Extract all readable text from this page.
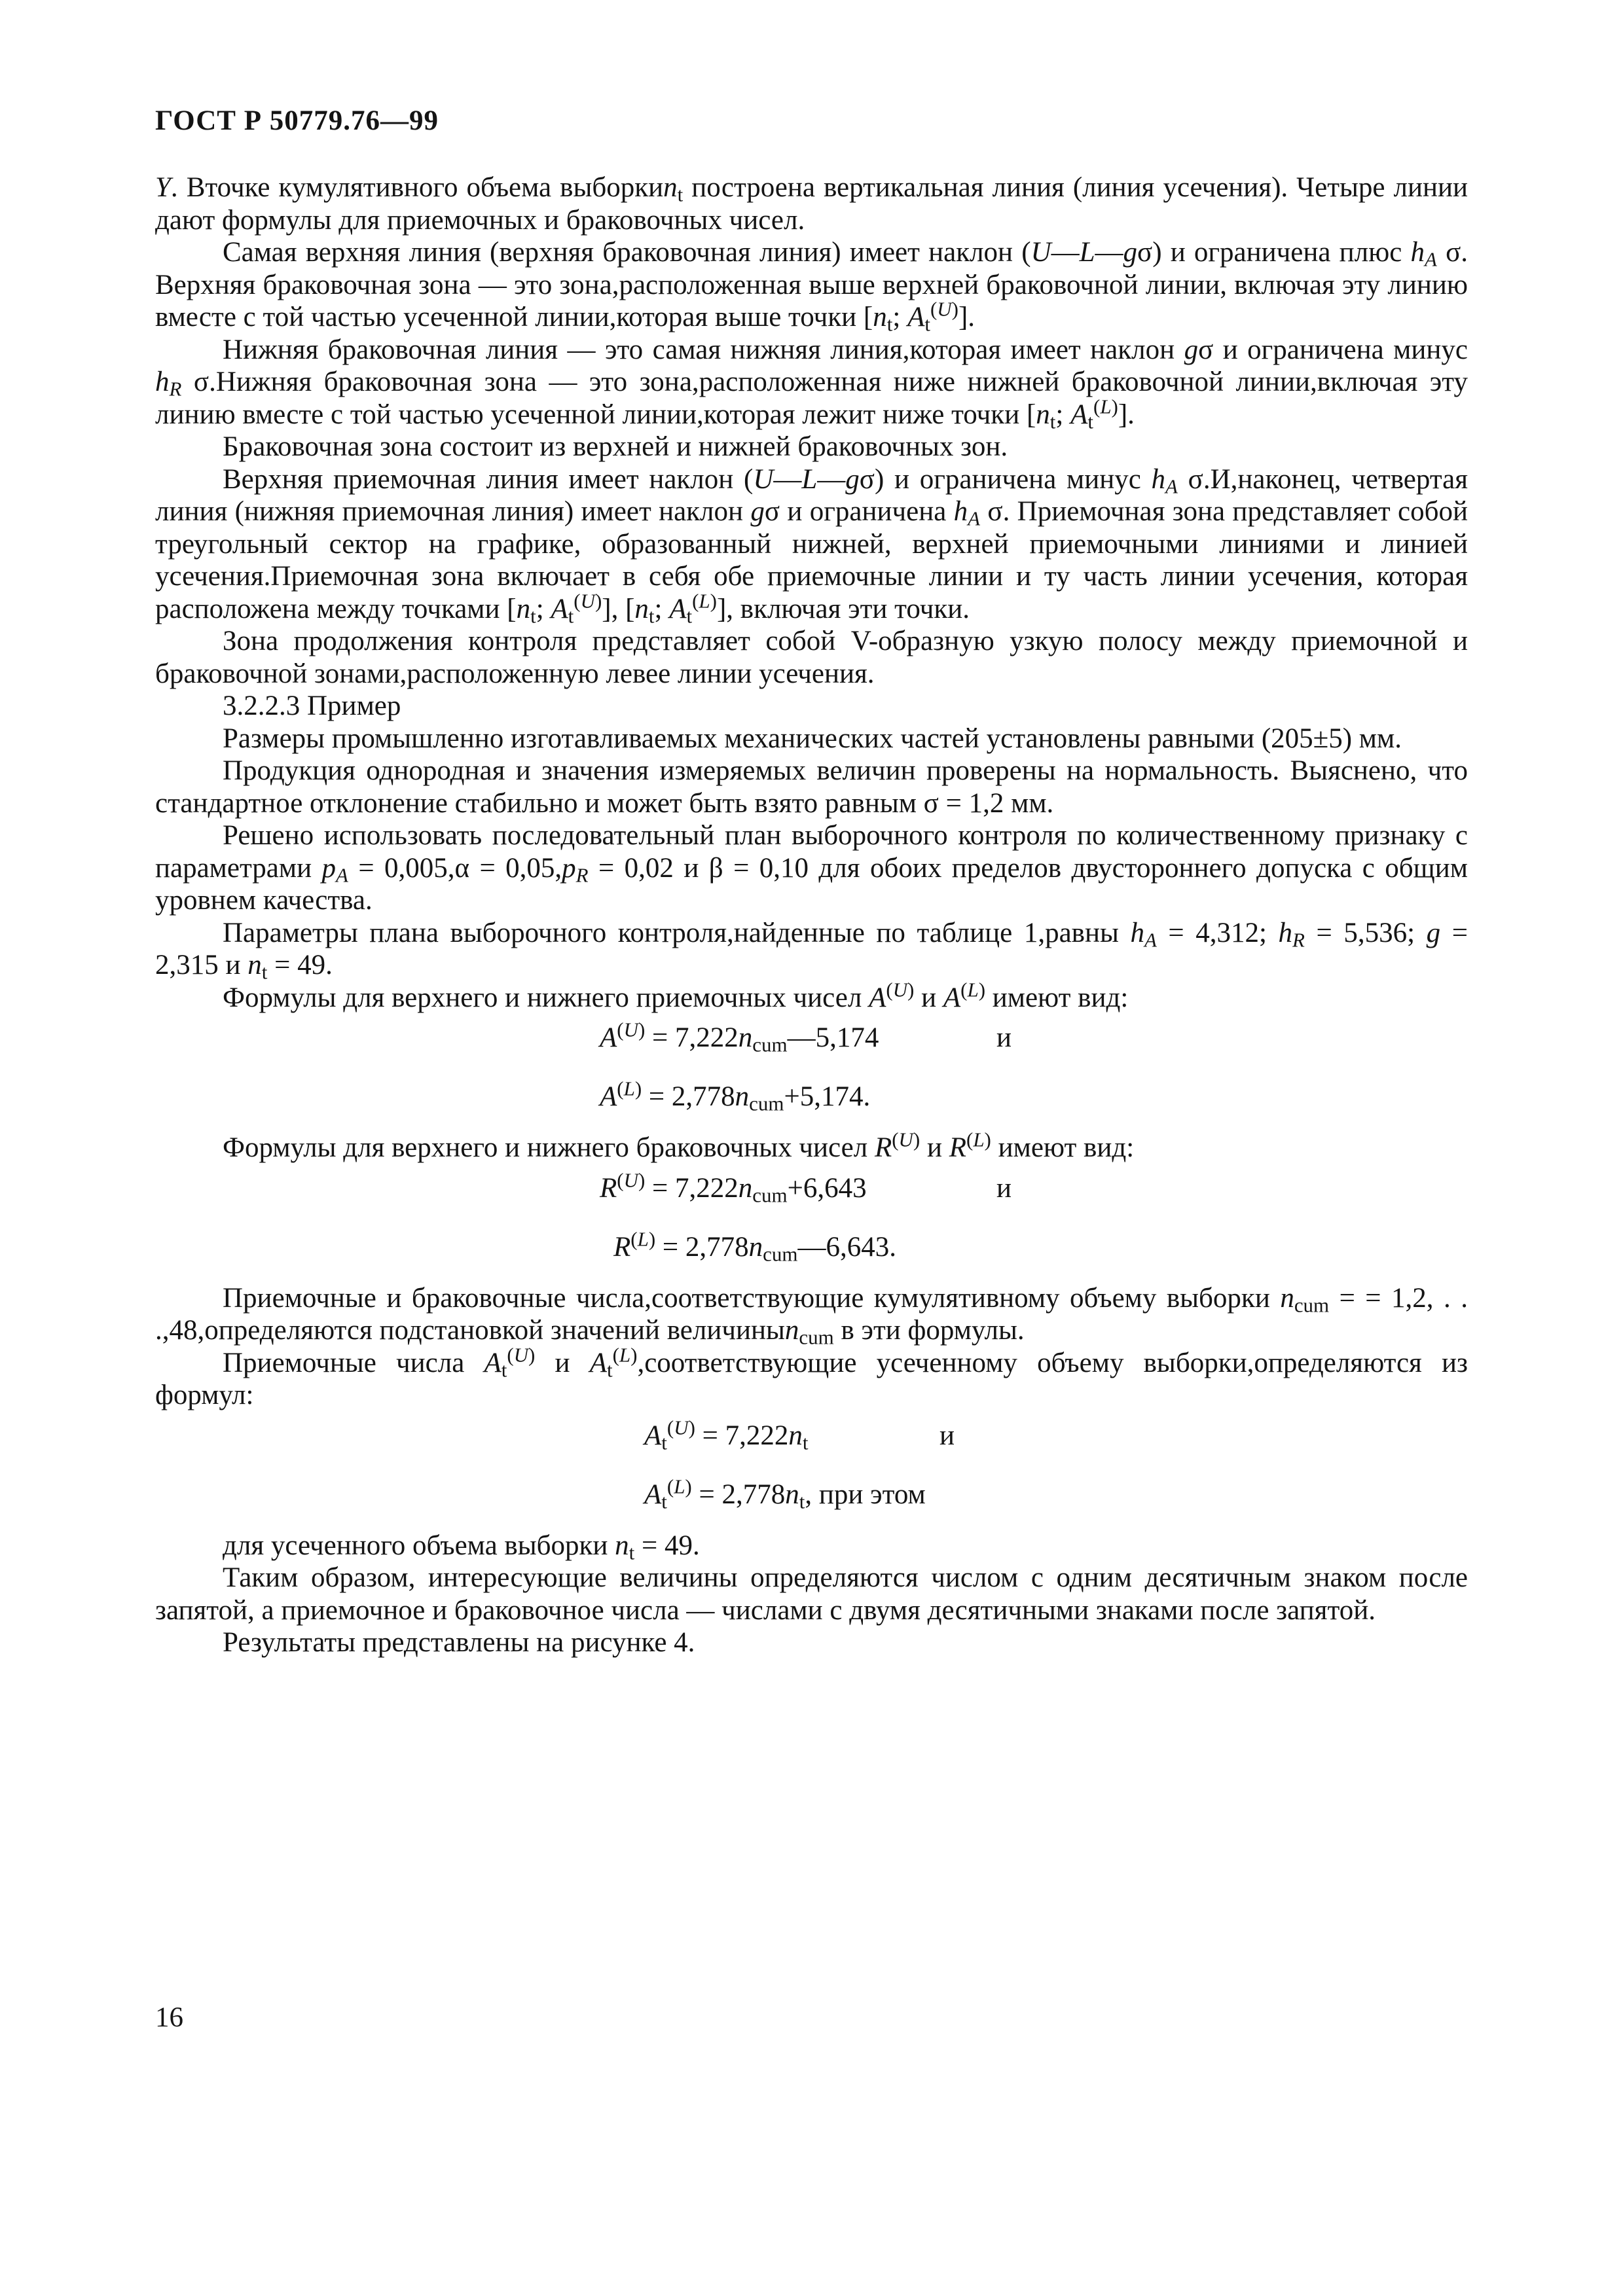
ГОСТ Р 50779.76—99

Y. Вточке кумулятивного объема выборкиn$_t$ построена вертикальная линия (линия усечения). Четыре линии дают формулы для приемочных и браковочных чисел.

Самая верхняя линия (верхняя браковочная линия) имеет наклон (U—L—gσ) и ограничена плюс $h_A$ σ. Верхняя браковочная зона — это зона,расположенная выше верхней браковочной линии, включая эту линию вместе с той частью усеченной линии,которая выше точки [$n_t$; $A_t^{(U)}$].

Нижняя браковочная линия — это самая нижняя линия,которая имеет наклон gσ и ограничена минус $h_R$ σ.Нижняя браковочная зона — это зона,расположенная ниже нижней браковочной линии,включая эту линию вместе с той частью усеченной линии,которая лежит ниже точки [$n_t$; $A_t^{(L)}$].

Браковочная зона состоит из верхней и нижней браковочных зон.

Верхняя приемочная линия имеет наклон (U—L—gσ) и ограничена минус $h_A$ σ.И,наконец, четвертая линия (нижняя приемочная линия) имеет наклон gσ и ограничена $h_A$ σ. Приемочная зона представляет собой треугольный сектор на графике, образованный нижней, верхней приемочными линиями и линией усечения.Приемочная зона включает в себя обе приемочные линии и ту часть линии усечения, которая расположена между точками [$n_t$; $A_t^{(U)}$], [$n_t$; $A_t^{(L)}$], включая эти точки.

Зона продолжения контроля представляет собой V-образную узкую полосу между приемочной и браковочной зонами,расположенную левее линии усечения.

3.2.2.3 Пример

Размеры промышленно изготавливаемых механических частей установлены равными (205±5) мм.

Продукция однородная и значения измеряемых величин проверены на нормальность. Выяснено, что стандартное отклонение стабильно и может быть взято равным σ = 1,2 мм.

Решено использовать последовательный план выборочного контроля по количественному признаку с параметрами $p_A = 0,005,\alpha = 0,05,p_R = 0,02$ и β = 0,10 для обоих пределов двустороннего допуска с общим уровнем качества.

Параметры плана выборочного контроля,найденные по таблице 1,равны $h_A = 4,312$; $h_R = 5,536$; g = 2,315 и $n_t = 49$.

Формулы для верхнего и нижнего приемочных чисел $A^{(U)}$ и $A^{(L)}$ имеют вид:

$A^{(U)}$ = $7,222n_{cum}—5,174$	и
$A^{(L)} = 2,778n_{cum}+5,174$.

Формулы для верхнего и нижнего браковочных чисел $R^{(U)}$ и $R^{(L)}$ имеют вид:

$R^{(U)} = 7,222n_{cum}+6,643$	и
$R^{(L)}$ = $2,778n_{cum}—6,643$.

Приемочные и браковочные числа,соответствующие кумулятивному объему выборки $n_{cum}$ = = 1,2, . . .,48,определяются подстановкой значений величиныn$_{cum}$ в эти формулы.

Приемочные числа $A_t^{(U)}$ и $A_t^{(L)},соответствующие$ усеченному объему выборки,определяются из формул:

$A_t^{(U)} = 7,222n_t$	и
$A_t^{(L)} = 2,778n_t$, при этом

для усеченного объема выборки $n_t = 49$.

Таким образом, интересующие величины определяются числом с одним десятичным знаком после запятой, а приемочное и браковочное числа — числами с двумя десятичными знаками после запятой.

Результаты представлены на рисунке 4.

16
